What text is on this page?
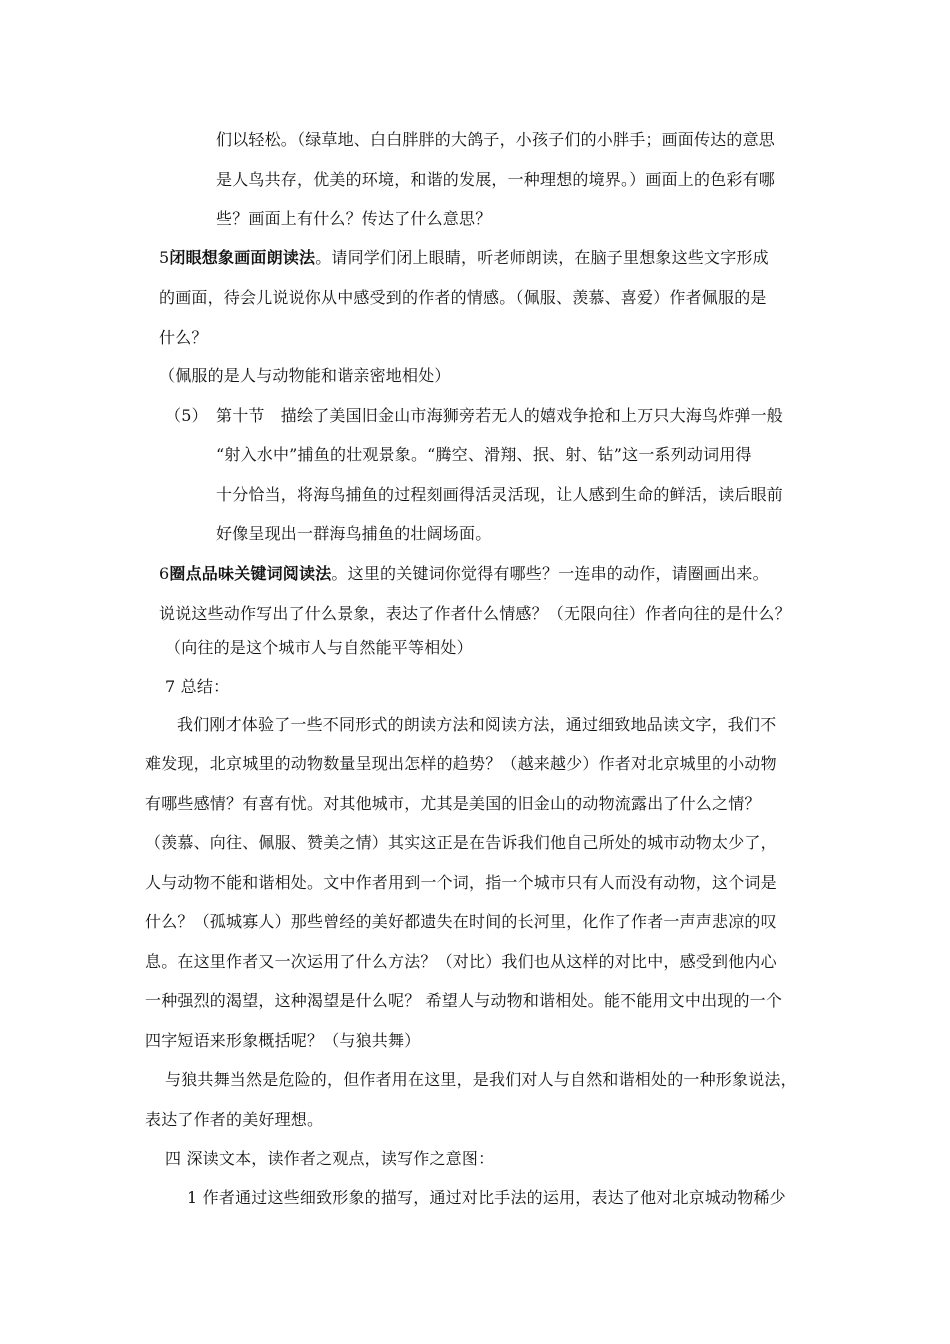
们以轻松。（绿草地、白白胖胖的大鸽子，小孩子们的小胖手；画面传达的意思
是人鸟共存，优美的环境，和谐的发展，一种理想的境界。）画面上的色彩有哪
些？画面上有什么？传达了什么意思？
5闭眼想象画面朗读法。请同学们闭上眼睛，听老师朗读，在脑子里想象这些文字形成
的画面，待会儿说说你从中感受到的作者的情感。（佩服、羡慕、喜爱）作者佩服的是
什么？
（佩服的是人与动物能和谐亲密地相处）
（5） 第十节　描绘了美国旧金山市海狮旁若无人的嬉戏争抢和上万只大海鸟炸弹一般
“射入水中”捕鱼的壮观景象。“腾空、滑翔、抿、射、钻”这一系列动词用得
十分恰当，将海鸟捕鱼的过程刻画得活灵活现，让人感到生命的鲜活，读后眼前
好像呈现出一群海鸟捕鱼的壮阔场面。
6圈点品味关键词阅读法。这里的关键词你觉得有哪些？一连串的动作，请圈画出来。
说说这些动作写出了什么景象，表达了作者什么情感？（无限向往）作者向往的是什么？
（向往的是这个城市人与自然能平等相处）
7 总结：
我们刚才体验了一些不同形式的朗读方法和阅读方法，通过细致地品读文字，我们不
难发现，北京城里的动物数量呈现出怎样的趋势？（越来越少）作者对北京城里的小动物
有哪些感情？有喜有忧。对其他城市，尤其是美国的旧金山的动物流露出了什么之情？
（羡慕、向往、佩服、赞美之情）其实这正是在告诉我们他自己所处的城市动物太少了，
人与动物不能和谐相处。文中作者用到一个词，指一个城市只有人而没有动物，这个词是
什么？（孤城寡人）那些曾经的美好都遗失在时间的长河里，化作了作者一声声悲凉的叹
息。在这里作者又一次运用了什么方法？（对比）我们也从这样的对比中，感受到他内心
一种强烈的渴望，这种渴望是什么呢？ 希望人与动物和谐相处。能不能用文中出现的一个
四字短语来形象概括呢？（与狼共舞）
与狼共舞当然是危险的，但作者用在这里，是我们对人与自然和谐相处的一种形象说法，
表达了作者的美好理想。
四 深读文本，读作者之观点，读写作之意图：
1 作者通过这些细致形象的描写，通过对比手法的运用，表达了他对北京城动物稀少
